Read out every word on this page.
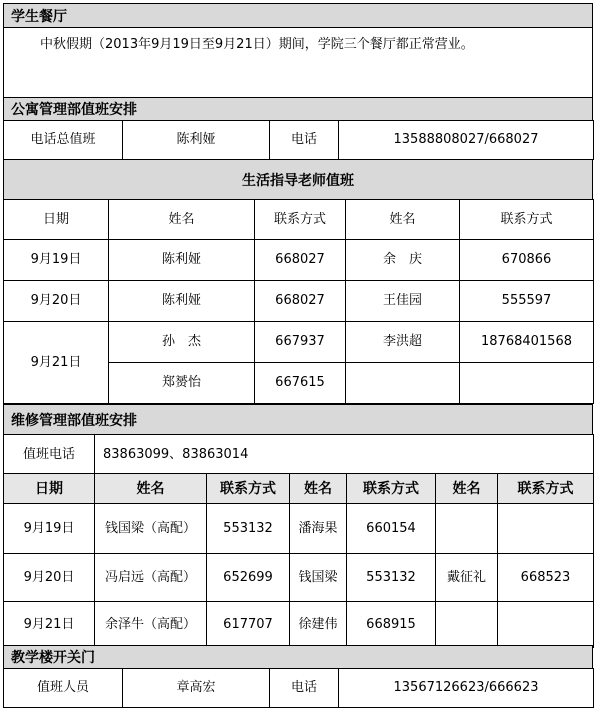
学生餐厅
中秋假期（2013年9月19日至9月21日）期间，学院三个餐厅都正常营业。
公寓管理部值班安排
电话总值班	陈利娅	电话	13588808027/668027
生活指导老师值班
日期	姓名	联系方式	姓名	联系方式
9月19日	陈利娅	668027	余　庆	670866
9月20日	陈利娅	668027	王佳园	555597
9月21日	孙　杰	667937	李洪超	18768401568
	郑赟怡	667615		
维修管理部值班安排
值班电话	83863099、83863014
日期	姓名	联系方式	姓名	联系方式	姓名	联系方式
9月19日	钱国梁（高配）	553132	潘海果	660154		
9月20日	冯启远（高配）	652699	钱国梁	553132	戴征礼	668523
9月21日	余泽牛（高配）	617707	徐建伟	668915		
教学楼开关门
值班人员	章高宏	电话	13567126623/666623
